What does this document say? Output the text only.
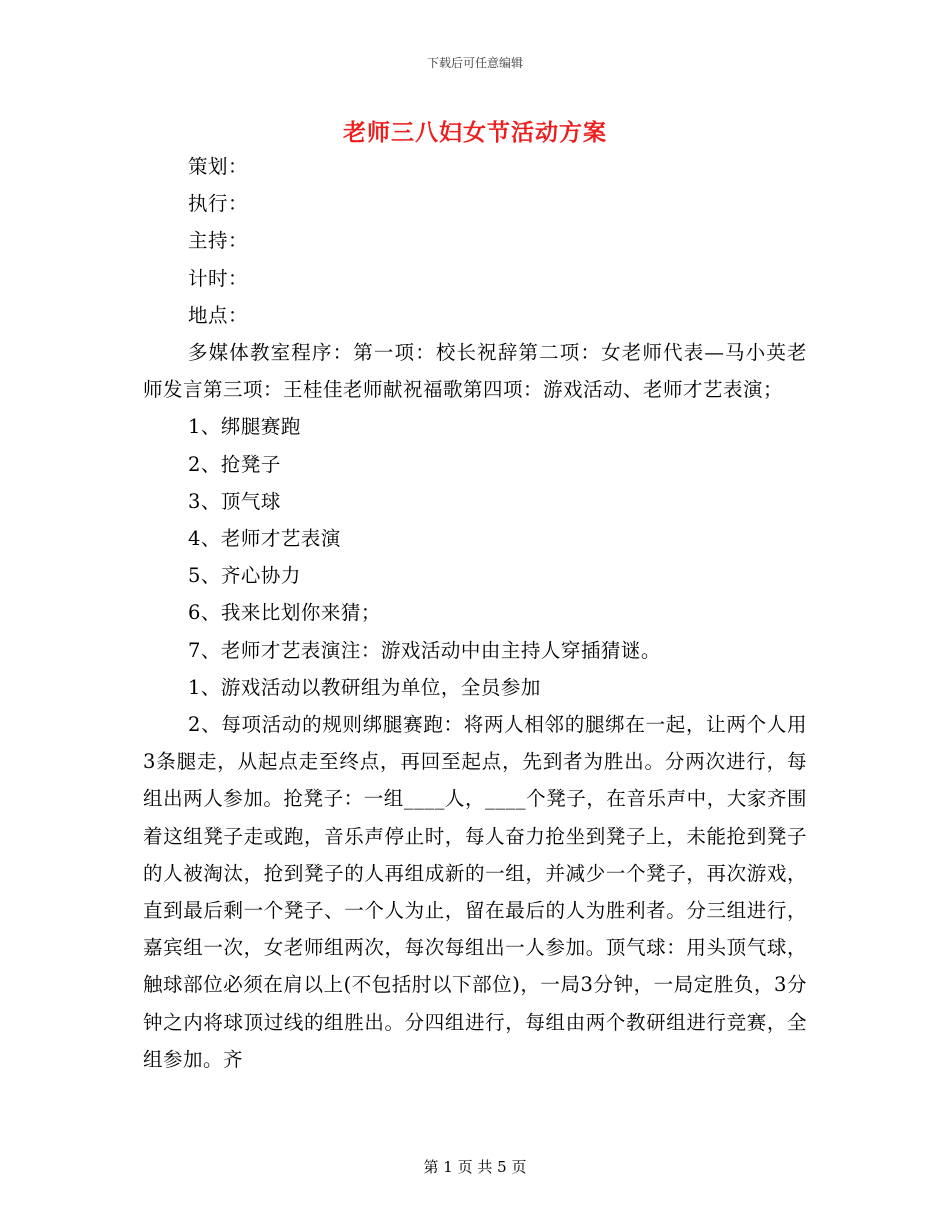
下载后可任意编辑
老师三八妇女节活动方案

策划：

执行：

主持：

计时：

地点：

多媒体教室程序：第一项：校长祝辞第二项：女老师代表—马小英老师发言第三项：王桂佳老师献祝福歌第四项：游戏活动、老师才艺表演；

1、绑腿赛跑

2、抢凳子

3、顶气球

4、老师才艺表演

5、齐心协力

6、我来比划你来猜；

7、老师才艺表演注：游戏活动中由主持人穿插猜谜。

1、游戏活动以教研组为单位，全员参加

2、每项活动的规则绑腿赛跑：将两人相邻的腿绑在一起，让两个人用3条腿走，从起点走至终点，再回至起点，先到者为胜出。分两次进行，每组出两人参加。抢凳子：一组____人，____个凳子，在音乐声中，大家齐围着这组凳子走或跑，音乐声停止时，每人奋力抢坐到凳子上，未能抢到凳子的人被淘汰，抢到凳子的人再组成新的一组，并减少一个凳子，再次游戏，直到最后剩一个凳子、一个人为止，留在最后的人为胜利者。分三组进行，嘉宾组一次，女老师组两次，每次每组出一人参加。顶气球：用头顶气球，触球部位必须在肩以上(不包括肘以下部位)，一局3分钟，一局定胜负，3分钟之内将球顶过线的组胜出。分四组进行，每组由两个教研组进行竞赛，全组参加。齐

第 1 页 共 5 页
